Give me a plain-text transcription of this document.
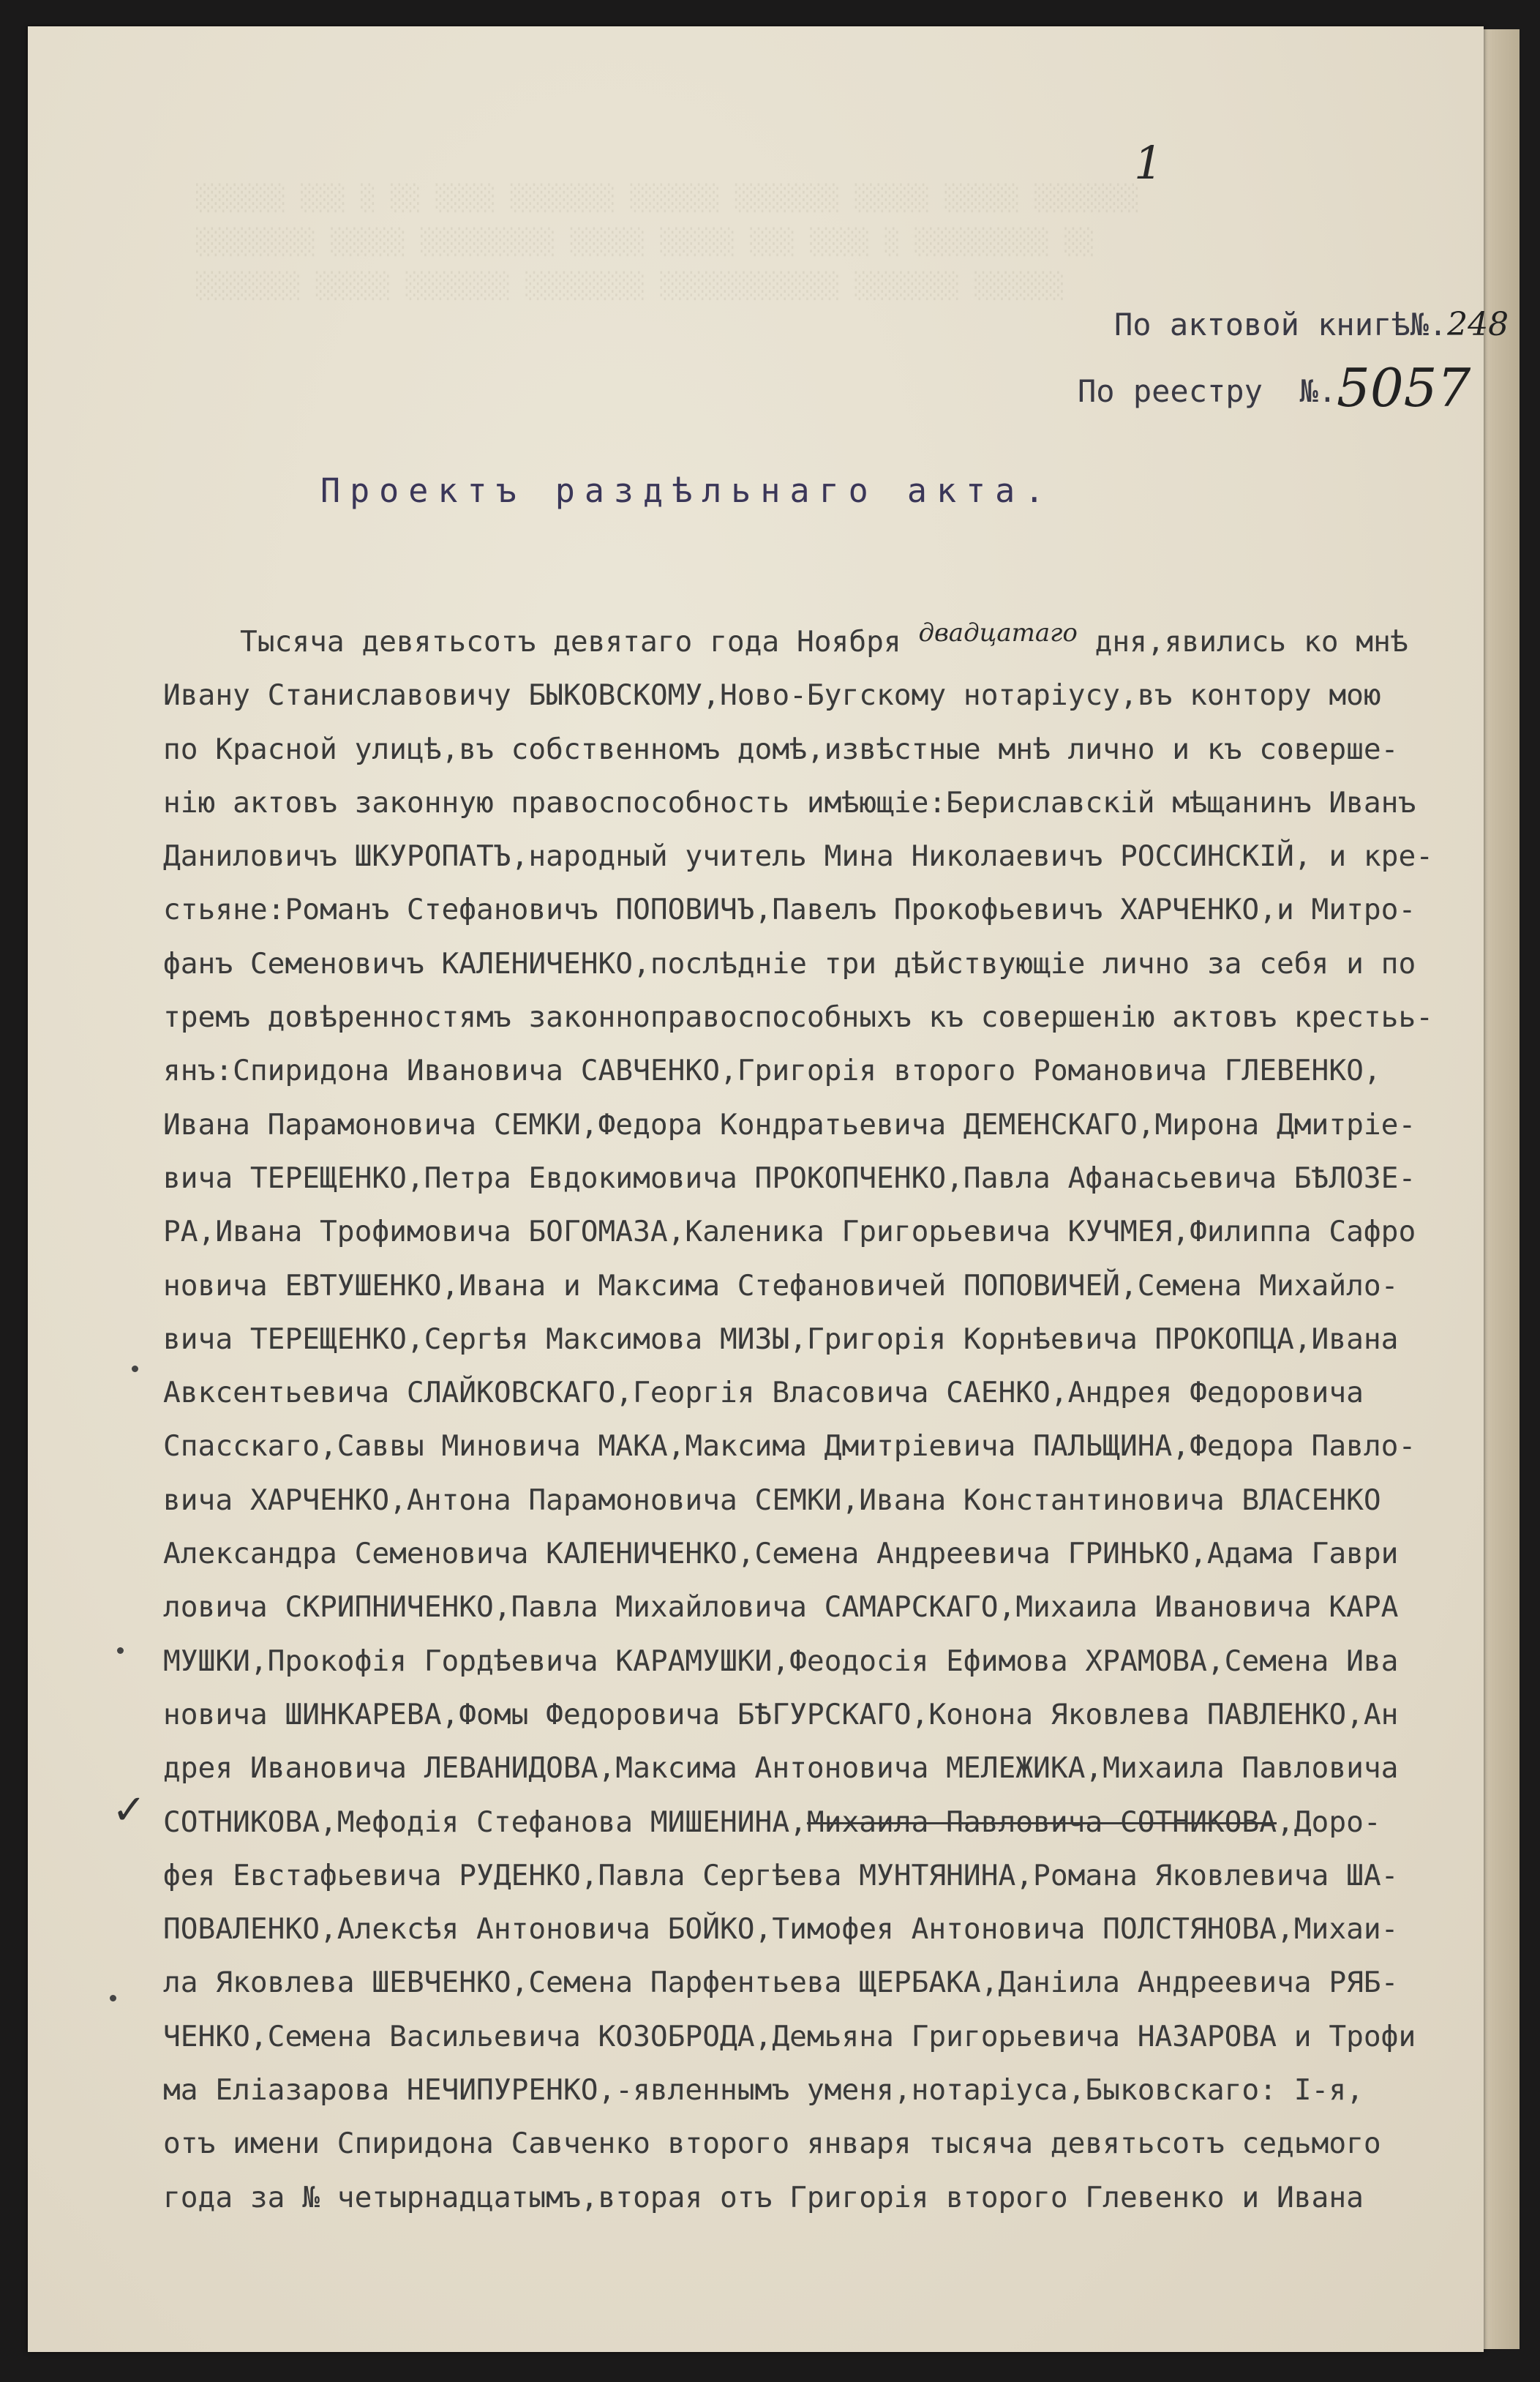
░░░░░░ ░░░ ░ ░░ ░░░░ ░░░░░░░ ░░░░░░ ░░░░░░░ ░░░░░ ░░░░░ ░░░░░░░
░░░░░░░░ ░░░░░ ░░░░░░░░░ ░░░░░ ░░░░░ ░░░ ░░░░ ░ ░░░░░░░░░ ░░
░░░░░░░ ░░░░░ ░░░░░░░ ░░░░░░░░ ░░░░░░░░░░░░ ░░░░░░░ ░░░░░░
1
По актовой книгѣ№.248
По реестру №.5057
Проектъ раздѣльнаго акта.
Тысяча девятьсотъ девятаго года Ноября двадцатаго дня,явились ко мнѣ
Ивану Станиславовичу БЫКОВСКОМУ,Ново-Бугскому нотаріусу,въ контору мою
по Красной улицѣ,въ собственномъ домѣ,извѣстные мнѣ лично и къ соверше-
нію актовъ законную правоспособность имѣющіе:Бериславскій мѣщанинъ Иванъ
Даниловичъ ШКУРОПАТЪ,народный учитель Мина Николаевичъ РОССИНСКІЙ, и кре-
стьяне:Романъ Стефановичъ ПОПОВИЧЪ,Павелъ Прокофьевичъ ХАРЧЕНКО,и Митро-
фанъ Семеновичъ КАЛЕНИЧЕНКО,послѣдніе три дѣйствующіе лично за себя и по
тремъ довѣренностямъ законноправоспособныхъ къ совершенію актовъ крестьь-
янъ:Спиридона Ивановича САВЧЕНКО,Григорія второго Романовича ГЛЕВЕНКО,
Ивана Парамоновича СЕМКИ,Федора Кондратьевича ДЕМЕНСКАГО,Мирона Дмитріе-
вича ТЕРЕЩЕНКО,Петра Евдокимовича ПРОКОПЧЕНКО,Павла Афанасьевича БѢЛОЗЕ-
РА,Ивана Трофимовича БОГОМАЗА,Каленика Григорьевича КУЧМЕЯ,Филиппа Сафро
новича ЕВТУШЕНКО,Ивана и Максима Стефановичей ПОПОВИЧЕЙ,Семена Михайло-
вича ТЕРЕЩЕНКО,Сергѣя Максимова МИЗЫ,Григорія Корнѣевича ПРОКОПЦА,Ивана
Авксентьевича СЛАЙКОВСКАГО,Георгія Власовича САЕНКО,Андрея Федоровича
Спасскаго,Саввы Миновича МАКА,Максима Дмитріевича ПАЛЬЩИНА,Федора Павло-
вича ХАРЧЕНКО,Антона Парамоновича СЕМКИ,Ивана Константиновича ВЛАСЕНКО
Александра Семеновича КАЛЕНИЧЕНКО,Семена Андреевича ГРИНЬКО,Адама Гаври
ловича СКРИПНИЧЕНКО,Павла Михайловича САМАРСКАГО,Михаила Ивановича КАРА
МУШКИ,Прокофія Гордѣевича КАРАМУШКИ,Феодосія Ефимова ХРАМОВА,Семена Ива
новича ШИНКАРЕВА,Фомы Федоровича БѢГУРСКАГО,Конона Яковлева ПАВЛЕНКО,Ан
дрея Ивановича ЛЕВАНИДОВА,Максима Антоновича МЕЛЕЖИКА,Михаила Павловича
СОТНИКОВА,Мефодія Стефанова МИШЕНИНА,Михаила Павловича СОТНИКОВА,Доро-
фея Евстафьевича РУДЕНКО,Павла Сергѣева МУНТЯНИНА,Романа Яковлевича ША-
ПОВАЛЕНКО,Алексѣя Антоновича БОЙКО,Тимофея Антоновича ПОЛСТЯНОВА,Михаи-
ла Яковлева ШЕВЧЕНКО,Семена Парфентьева ЩЕРБАКА,Даніила Андреевича РЯБ-
ЧЕНКО,Семена Васильевича КОЗОБРОДА,Демьяна Григорьевича НАЗАРОВА и Трофи
ма Еліазарова НЕЧИПУРЕНКО,-явленнымъ уменя,нотаріуса,Быковскаго: І-я,
отъ имени Спиридона Савченко второго января тысяча девятьсотъ седьмого
года за № четырнадцатымъ,вторая отъ Григорія второго Глевенко и Ивана
✓
